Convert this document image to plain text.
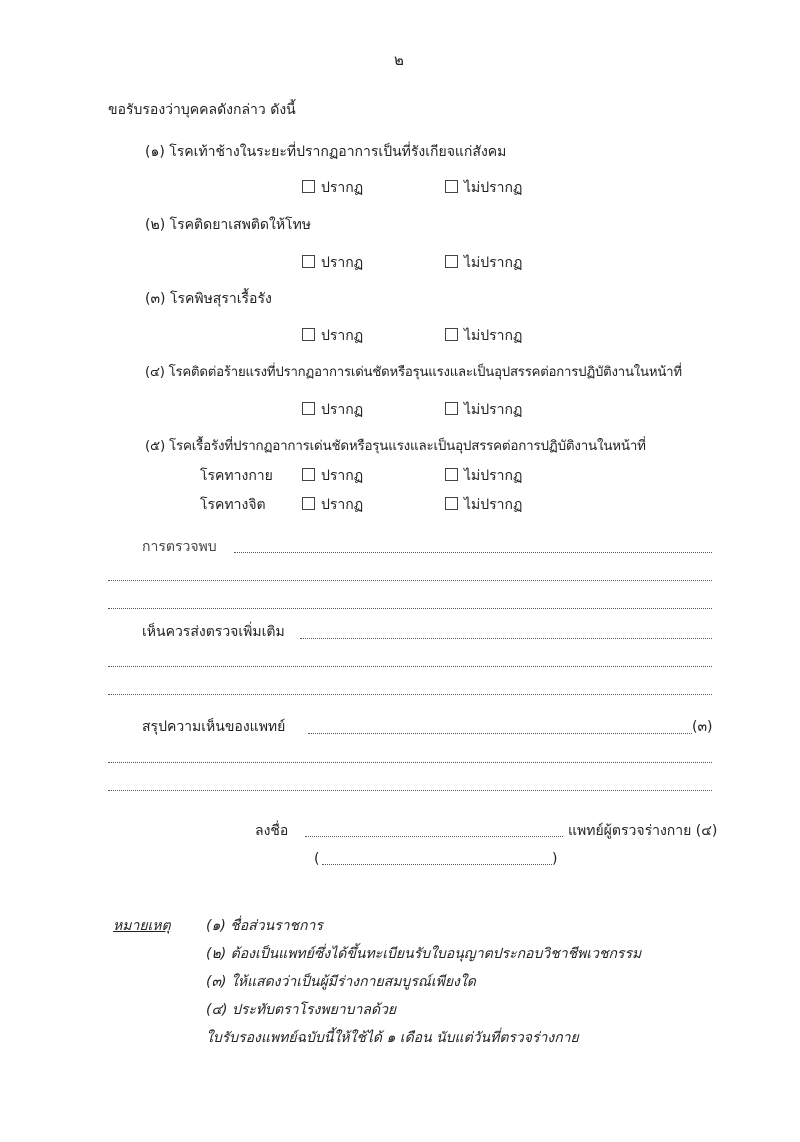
๒
ขอรับรองว่าบุคคลดังกล่าว ดังนี้
(๑) โรคเท้าช้างในระยะที่ปรากฏอาการเป็นที่รังเกียจแก่สังคม
ปรากฏ	ไม่ปรากฏ
(๒) โรคติดยาเสพติดให้โทษ
ปรากฏ	ไม่ปรากฏ
(๓) โรคพิษสุราเรื้อรัง
ปรากฏ	ไม่ปรากฏ
(๔) โรคติดต่อร้ายแรงที่ปรากฏอาการเด่นชัดหรือรุนแรงและเป็นอุปสรรคต่อการปฏิบัติงานในหน้าที่
ปรากฏ	ไม่ปรากฏ
(๕) โรคเรื้อรังที่ปรากฏอาการเด่นชัดหรือรุนแรงและเป็นอุปสรรคต่อการปฏิบัติงานในหน้าที่
โรคทางกาย	ปรากฏ	ไม่ปรากฏ
โรคทางจิต	ปรากฏ	ไม่ปรากฏ
การตรวจพบ
เห็นควรส่งตรวจเพิ่มเติม
สรุปความเห็นของแพทย์	(๓)
ลงชื่อ	แพทย์ผู้ตรวจร่างกาย (๔)
(	)
หมายเหตุ	(๑) ชื่อส่วนราชการ
(๒) ต้องเป็นแพทย์ซึ่งได้ขึ้นทะเบียนรับใบอนุญาตประกอบวิชาชีพเวชกรรม
(๓) ให้แสดงว่าเป็นผู้มีร่างกายสมบูรณ์เพียงใด
(๔) ประทับตราโรงพยาบาลด้วย
ใบรับรองแพทย์ฉบับนี้ให้ใช้ได้ ๑ เดือน นับแต่วันที่ตรวจร่างกาย
